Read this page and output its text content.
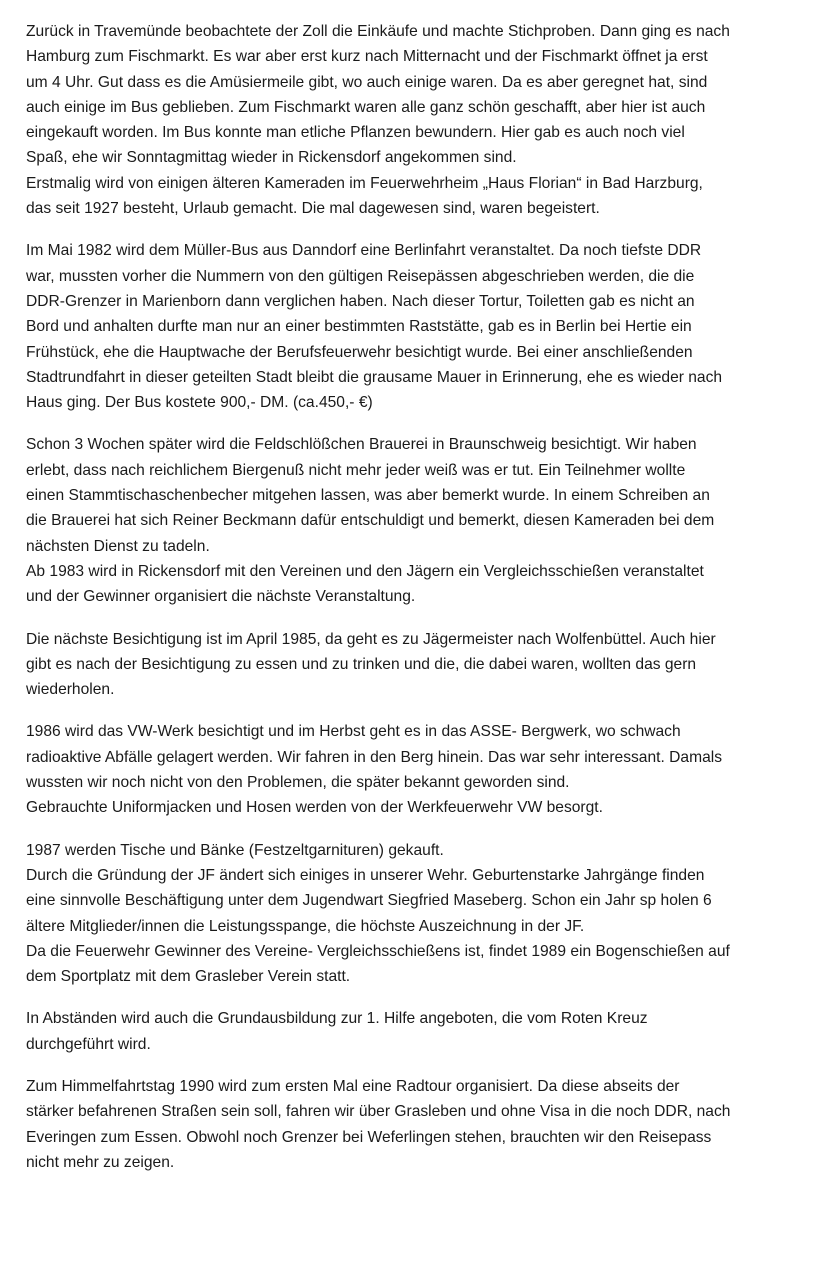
Zurück in Travemünde beobachtete der Zoll die Einkäufe und machte Stichproben. Dann ging es nach
Hamburg zum Fischmarkt. Es war aber erst kurz nach Mitternacht und der Fischmarkt öffnet ja erst
um 4 Uhr. Gut dass es die Amüsiermeile gibt, wo auch einige waren. Da es aber geregnet hat, sind
auch einige im Bus geblieben. Zum Fischmarkt waren alle ganz schön geschafft, aber hier ist auch
eingekauft worden. Im Bus konnte man etliche Pflanzen bewundern. Hier gab es auch noch viel
Spaß, ehe wir Sonntagmittag wieder in Rickensdorf angekommen sind.
Erstmalig wird von einigen älteren Kameraden im Feuerwehrheim „Haus Florian“ in Bad Harzburg,
das seit 1927 besteht, Urlaub gemacht. Die mal dagewesen sind, waren begeistert.
Im Mai 1982 wird dem Müller-Bus aus Danndorf eine Berlinfahrt veranstaltet. Da noch tiefste DDR
war, mussten vorher die Nummern von den gültigen Reisepässen abgeschrieben werden, die die
DDR-Grenzer in Marienborn dann verglichen haben. Nach dieser Tortur, Toiletten gab es nicht an
Bord und anhalten durfte man nur an einer bestimmten Raststätte, gab es in Berlin bei Hertie ein
Frühstück, ehe die Hauptwache der Berufsfeuerwehr besichtigt wurde. Bei einer anschließenden
Stadtrundfahrt in dieser geteilten Stadt bleibt die grausame Mauer in Erinnerung, ehe es wieder nach
Haus ging. Der Bus kostete 900,- DM. (ca.450,- €)
Schon 3 Wochen später wird die Feldschlößchen Brauerei in Braunschweig besichtigt. Wir haben
erlebt, dass nach reichlichem Biergenuß nicht mehr jeder weiß was er tut. Ein Teilnehmer wollte
einen Stammtischaschenbecher mitgehen lassen, was aber bemerkt wurde. In einem Schreiben an
die Brauerei hat sich Reiner Beckmann dafür entschuldigt und bemerkt, diesen Kameraden bei dem
nächsten Dienst zu tadeln.
Ab 1983 wird in Rickensdorf mit den Vereinen und den Jägern ein Vergleichsschießen veranstaltet
und der Gewinner organisiert die nächste Veranstaltung.
Die nächste Besichtigung ist im April 1985, da geht es zu Jägermeister nach Wolfenbüttel. Auch hier
gibt es nach der Besichtigung zu essen und zu trinken und die, die dabei waren, wollten das gern
wiederholen.
1986 wird das VW-Werk besichtigt und im Herbst geht es in das ASSE- Bergwerk, wo schwach
radioaktive Abfälle gelagert werden. Wir fahren in den Berg hinein. Das war sehr interessant. Damals
wussten wir noch nicht von den Problemen, die später bekannt geworden sind.
Gebrauchte Uniformjacken und Hosen werden von der Werkfeuerwehr VW besorgt.
1987 werden Tische und Bänke (Festzeltgarnituren) gekauft.
Durch die Gründung der JF ändert sich einiges in unserer Wehr. Geburtenstarke Jahrgänge finden
eine sinnvolle Beschäftigung unter dem Jugendwart Siegfried Maseberg. Schon ein Jahr sp holen 6
ältere Mitglieder/innen die Leistungsspange, die höchste Auszeichnung in der JF.
Da die Feuerwehr Gewinner des Vereine- Vergleichsschießens ist, findet 1989 ein Bogenschießen auf
dem Sportplatz mit dem Grasleber Verein statt.
In Abständen wird auch die Grundausbildung zur 1. Hilfe angeboten, die vom Roten Kreuz
durchgeführt wird.
Zum Himmelfahrtstag 1990 wird zum ersten Mal eine Radtour organisiert. Da diese abseits der
stärker befahrenen Straßen sein soll, fahren wir über Grasleben und ohne Visa in die noch DDR, nach
Everingen zum Essen. Obwohl noch Grenzer bei Weferlingen stehen, brauchten wir den Reisepass
nicht mehr zu zeigen.
